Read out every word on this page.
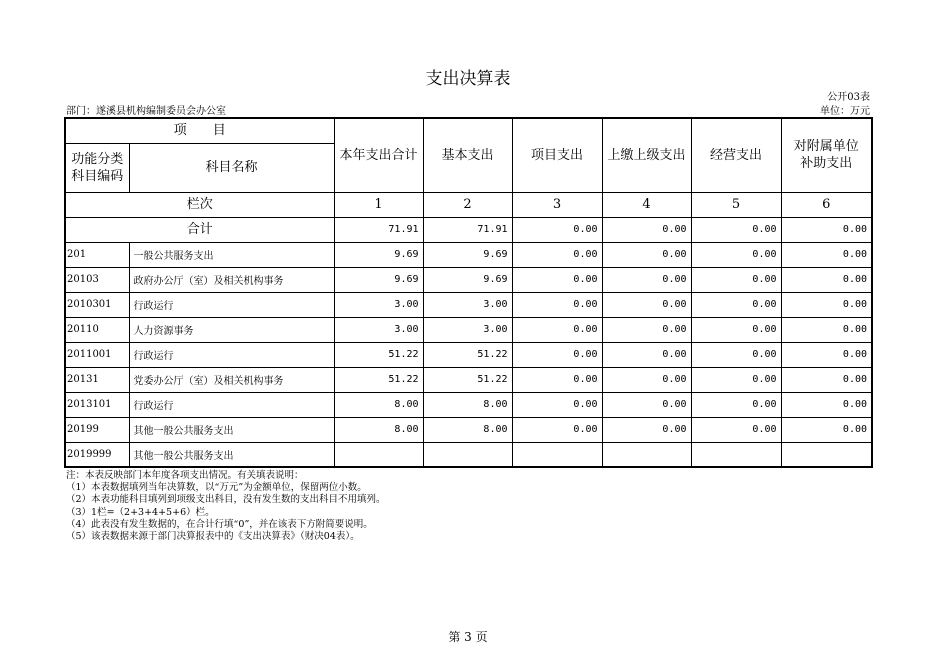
支出决算表
公开03表
部门：遂溪县机构编制委员会办公室	单位：万元
项　　目		本年支出合计	基本支出	项目支出	上缴上级支出	经营支出	对附属单位补助支出
功能分类科目编码	科目名称						
栏次		1	2	3	4	5	6
合计		71.91	71.91	0.00	0.00	0.00	0.00
201	一般公共服务支出	9.69	9.69	0.00	0.00	0.00	0.00
20103	政府办公厅（室）及相关机构事务	9.69	9.69	0.00	0.00	0.00	0.00
2010301	行政运行	3.00	3.00	0.00	0.00	0.00	0.00
20110	人力资源事务	3.00	3.00	0.00	0.00	0.00	0.00
2011001	行政运行	51.22	51.22	0.00	0.00	0.00	0.00
20131	党委办公厅（室）及相关机构事务	51.22	51.22	0.00	0.00	0.00	0.00
2013101	行政运行	8.00	8.00	0.00	0.00	0.00	0.00
20199	其他一般公共服务支出	8.00	8.00	0.00	0.00	0.00	0.00
2019999	其他一般公共服务支出						
注：本表反映部门本年度各项支出情况。有关填表说明：
（1）本表数据填列当年决算数，以“万元”为金额单位，保留两位小数。
（2）本表功能科目填列到项级支出科目，没有发生数的支出科目不用填列。
（3）1栏=（2+3+4+5+6）栏。
（4）此表没有发生数据的，在合计行填“0”，并在该表下方附简要说明。
（5）该表数据来源于部门决算报表中的《支出决算表》（财决04表）。
第 3 页
